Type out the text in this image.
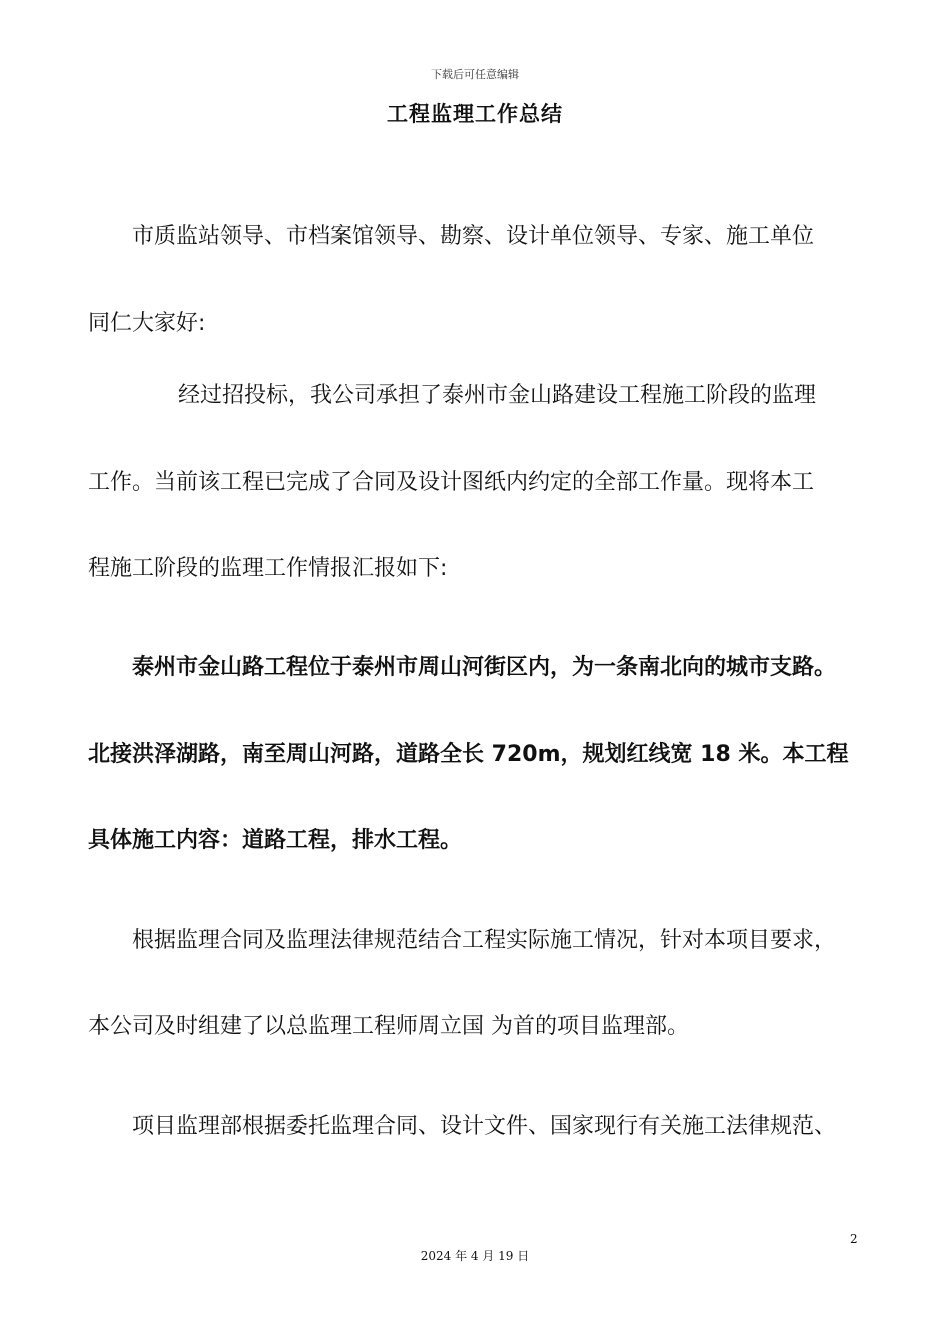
下载后可任意编辑
工程监理工作总结
市质监站领导、市档案馆领导、勘察、设计单位领导、专家、施工单位
同仁大家好:
经过招投标，我公司承担了泰州市金山路建设工程施工阶段的监理
工作。当前该工程已完成了合同及设计图纸内约定的全部工作量。现将本工
程施工阶段的监理工作情报汇报如下:
泰州市金山路工程位于泰州市周山河街区内，为一条南北向的城市支路。
北接洪泽湖路，南至周山河路，道路全长 720m，规划红线宽 18 米。本工程
具体施工内容：道路工程，排水工程。
根据监理合同及监理法律规范结合工程实际施工情况，针对本项目要求，
本公司及时组建了以总监理工程师周立国 为首的项目监理部。
项目监理部根据委托监理合同、设计文件、国家现行有关施工法律规范、
2
2024 年 4 月 19 日
